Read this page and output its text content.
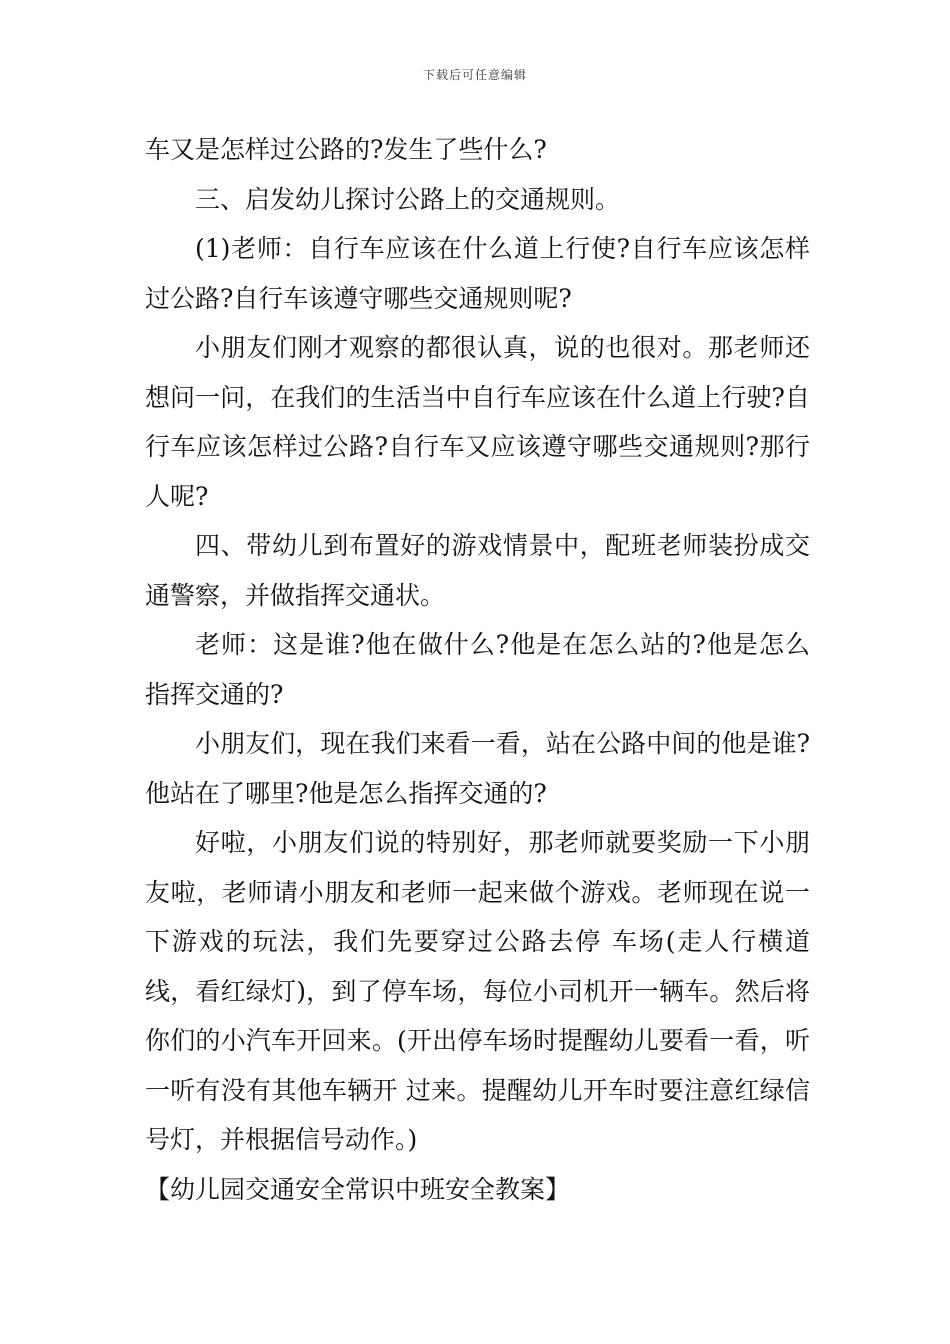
下载后可任意编辑

车又是怎样过公路的?发生了些什么?

三、启发幼儿探讨公路上的交通规则。

(1)老师：自行车应该在什么道上行使?自行车应该怎样过公路?自行车该遵守哪些交通规则呢?

小朋友们刚才观察的都很认真，说的也很对。那老师还想问一问，在我们的生活当中自行车应该在什么道上行驶?自行车应该怎样过公路?自行车又应该遵守哪些交通规则?那行人呢?

四、带幼儿到布置好的游戏情景中，配班老师装扮成交通警察，并做指挥交通状。

老师：这是谁?他在做什么?他是在怎么站的?他是怎么指挥交通的?

小朋友们，现在我们来看一看，站在公路中间的他是谁?他站在了哪里?他是怎么指挥交通的?

好啦，小朋友们说的特别好，那老师就要奖励一下小朋友啦，老师请小朋友和老师一起来做个游戏。老师现在说一下游戏的玩法，我们先要穿过公路去停 车场(走人行横道线，看红绿灯)，到了停车场，每位小司机开一辆车。然后将你们的小汽车开回来。(开出停车场时提醒幼儿要看一看，听一听有没有其他车辆开 过来。提醒幼儿开车时要注意红绿信号灯，并根据信号动作。)

【幼儿园交通安全常识中班安全教案】
